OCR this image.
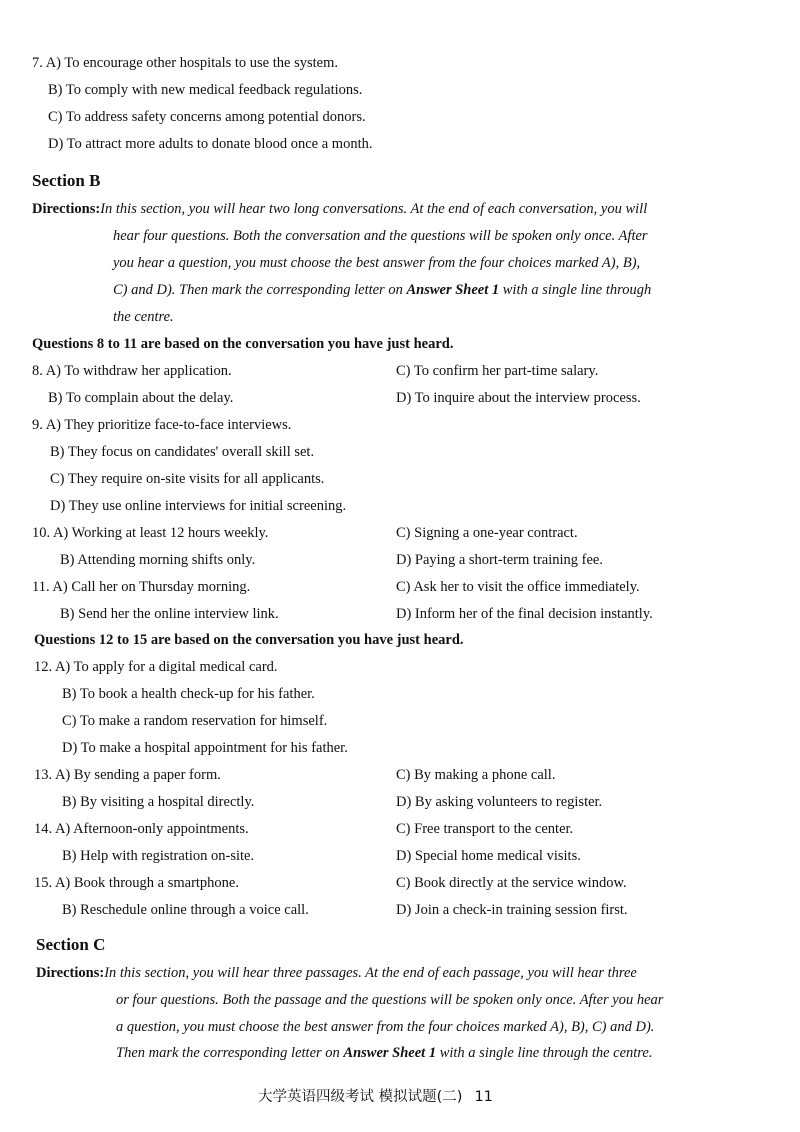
7. A) To encourage other hospitals to use the system.
B) To comply with new medical feedback regulations.
C) To address safety concerns among potential donors.
D) To attract more adults to donate blood once a month.
Section B
Directions:In this section, you will hear two long conversations. At the end of each conversation, you will
hear four questions. Both the conversation and the questions will be spoken only once. After
you hear a question, you must choose the best answer from the four choices marked A), B),
C) and D). Then mark the corresponding letter on Answer Sheet 1 with a single line through
the centre.
Questions 8 to 11 are based on the conversation you have just heard.
8. A) To withdraw her application.	C) To confirm her part-time salary.
B) To complain about the delay.	D) To inquire about the interview process.
9. A) They prioritize face-to-face interviews.
B) They focus on candidates' overall skill set.
C) They require on-site visits for all applicants.
D) They use online interviews for initial screening.
10. A) Working at least 12 hours weekly.	C) Signing a one-year contract.
B) Attending morning shifts only.	D) Paying a short-term training fee.
11. A) Call her on Thursday morning.	C) Ask her to visit the office immediately.
B) Send her the online interview link.	D) Inform her of the final decision instantly.
Questions 12 to 15 are based on the conversation you have just heard.
12. A) To apply for a digital medical card.
B) To book a health check-up for his father.
C) To make a random reservation for himself.
D) To make a hospital appointment for his father.
13. A) By sending a paper form.	C) By making a phone call.
B) By visiting a hospital directly.	D) By asking volunteers to register.
14. A) Afternoon-only appointments.	C) Free transport to the center.
B) Help with registration on-site.	D) Special home medical visits.
15. A) Book through a smartphone.	C) Book directly at the service window.
B) Reschedule online through a voice call.	D) Join a check-in training session first.
Section C
Directions:In this section, you will hear three passages. At the end of each passage, you will hear three
or four questions. Both the passage and the questions will be spoken only once. After you hear
a question, you must choose the best answer from the four choices marked A), B), C) and D).
Then mark the corresponding letter on Answer Sheet 1 with a single line through the centre.
大学英语四级考试 模拟试题(二) 11
